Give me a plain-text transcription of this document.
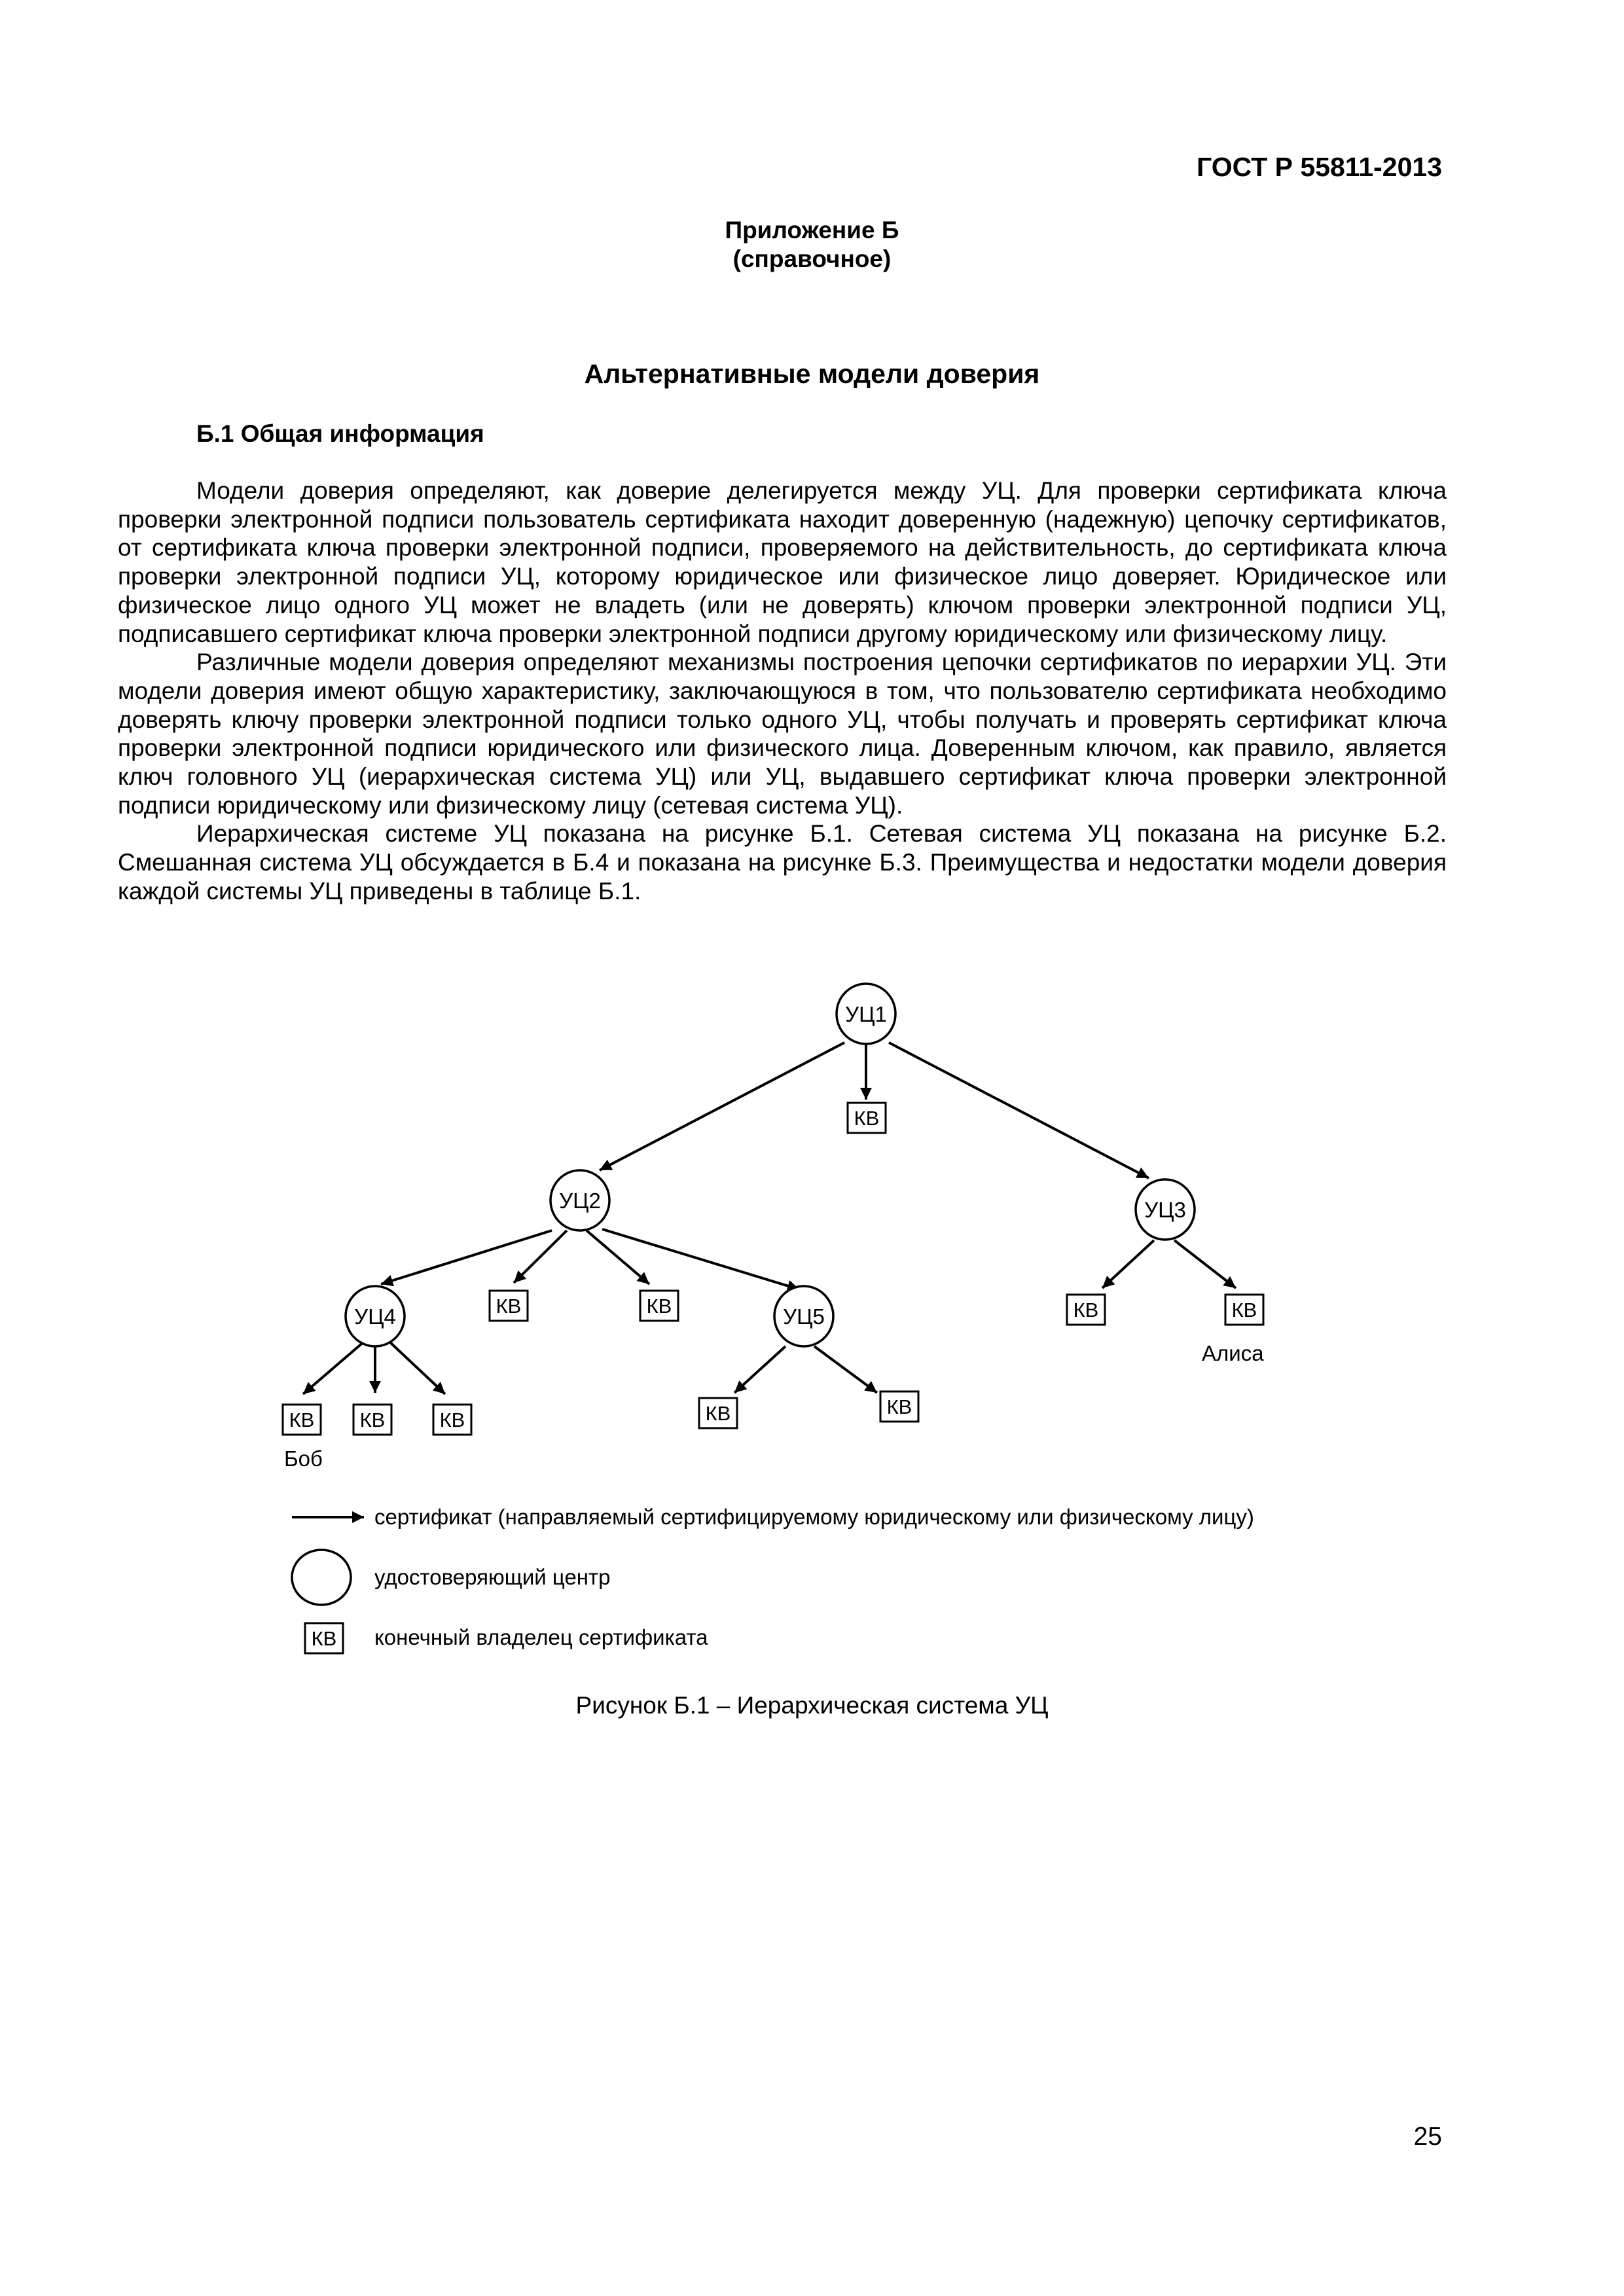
ГОСТ Р 55811-2013
Приложение Б
(справочное)
Альтернативные модели доверия
Б.1 Общая информация

Модели доверия определяют, как доверие делегируется между УЦ. Для проверки сертификата ключа проверки электронной подписи пользователь сертификата находит доверенную (надежную) цепочку сертификатов, от сертификата ключа проверки электронной подписи, проверяемого на действительность, до сертификата ключа проверки электронной подписи УЦ, которому юридическое или физическое лицо доверяет. Юридическое или физическое лицо одного УЦ может не владеть (или не доверять) ключом проверки электронной подписи УЦ, подписавшего сертификат ключа проверки электронной подписи другому юридическому или физическому лицу.

Различные модели доверия определяют механизмы построения цепочки сертификатов по иерархии УЦ. Эти модели доверия имеют общую характеристику, заключающуюся в том, что пользователю сертификата необходимо доверять ключу проверки электронной подписи только одного УЦ, чтобы получать и проверять сертификат ключа проверки электронной подписи юридического или физического лица. Доверенным ключом, как правило, является ключ головного УЦ (иерархическая система УЦ) или УЦ, выдавшего сертификат ключа проверки электронной подписи юридическому или физическому лицу (сетевая система УЦ).

Иерархическая системе УЦ показана на рисунке Б.1. Сетевая система УЦ показана на рисунке Б.2. Смешанная система УЦ обсуждается в Б.4 и показана на рисунке Б.3. Преимущества и недостатки модели доверия каждой системы УЦ приведены в таблице Б.1.

УЦ1
УЦ2	УЦ3
УЦ4	УЦ5
КВ
КВ	КВ	КВ	КВ
КВ КВ	КВ	КВ	КВ
Боб
Алиса
сертификат (направляемый сертифицируемому юридическому или физическому лицу)
удостоверяющий центр
КВ конечный владелец сертификата
Рисунок Б.1 – Иерархическая система УЦ
25
